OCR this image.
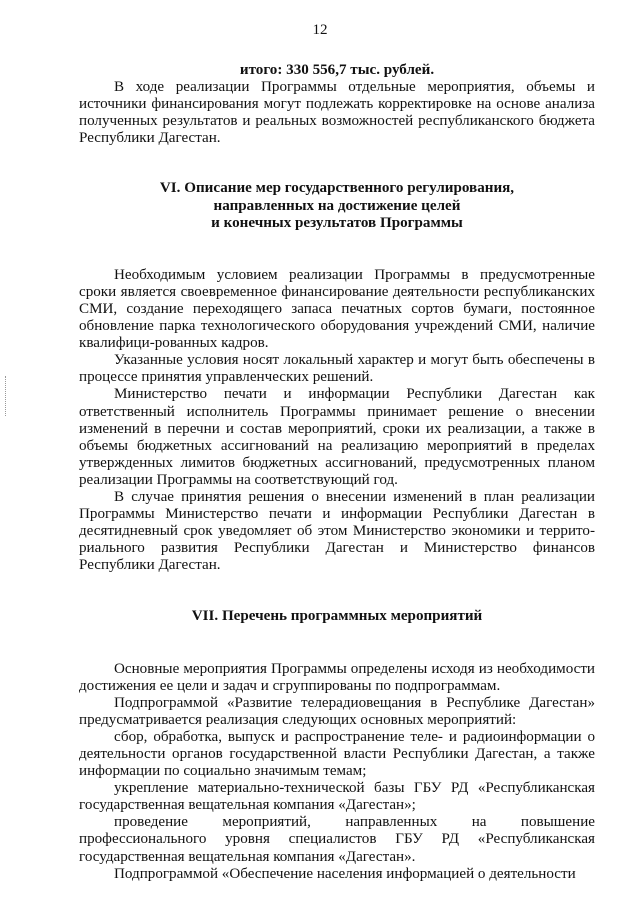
12

итого: 330 556,7 тыс. рублей.

В ходе реализации Программы отдельные мероприятия, объемы и источники финансирования могут подлежать корректировке на основе анализа полученных результатов и реальных возможностей республиканского бюджета Республики Дагестан.

VI. Описание мер государственного регулирования,
направленных на достижение целей
и конечных результатов Программы

Необходимым условием реализации Программы в предусмотренные сроки является своевременное финансирование деятельности республиканских СМИ, создание переходящего запаса печатных сортов бумаги, постоянное обновление парка технологического оборудования учреждений СМИ, наличие квалифици-рованных кадров.

Указанные условия носят локальный характер и могут быть обеспечены в процессе принятия управленческих решений.

Министерство печати и информации Республики Дагестан как ответственный исполнитель Программы принимает решение о внесении изменений в перечни и состав мероприятий, сроки их реализации, а также в объемы бюджетных ассигнований на реализацию мероприятий в пределах утвержденных лимитов бюджетных ассигнований, предусмотренных планом реализации Программы на соответствующий год.

В случае принятия решения о внесении изменений в план реализации Программы Министерство печати и информации Республики Дагестан в десятидневный срок уведомляет об этом Министерство экономики и террито-риального развития Республики Дагестан и Министерство финансов Республики Дагестан.

VII. Перечень программных мероприятий

Основные мероприятия Программы определены исходя из необходимости достижения ее цели и задач и сгруппированы по подпрограммам.

Подпрограммой «Развитие телерадиовещания в Республике Дагестан» предусматривается реализация следующих основных мероприятий:

сбор, обработка, выпуск и распространение теле- и радиоинформации о деятельности органов государственной власти Республики Дагестан, а также информации по социально значимым темам;

укрепление материально-технической базы ГБУ РД «Республиканская государственная вещательная компания «Дагестан»;

проведение мероприятий, направленных на повышение профессионального уровня специалистов ГБУ РД «Республиканская государственная вещательная компания «Дагестан».

Подпрограммой «Обеспечение населения информацией о деятельности
